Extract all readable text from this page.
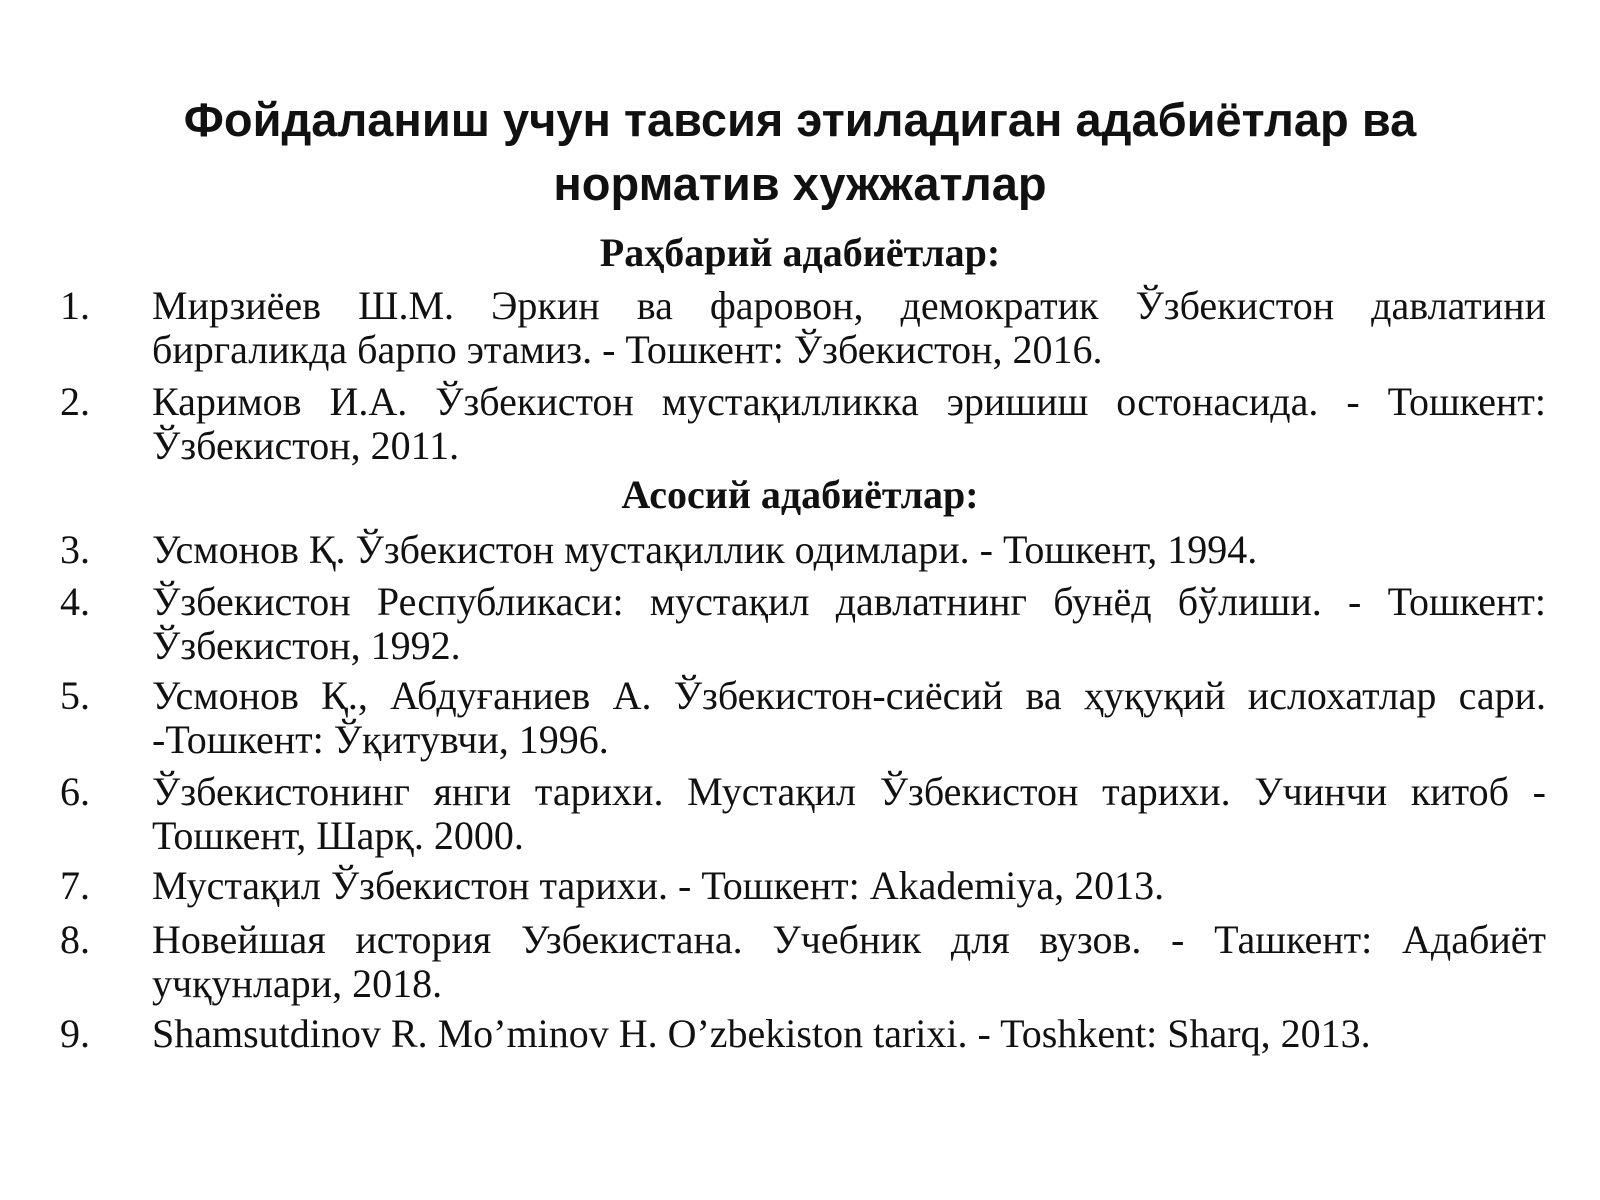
Фойдаланиш учун тавсия этиладиган адабиётлар ва норматив хужжатлар
Раҳбарий адабиётлар:
1.	Мирзиёев Ш.М. Эркин ва фаровон, демократик Ўзбекистон давлатини биргаликда барпо этамиз. - Тошкент: Ўзбекистон, 2016.
2.	Каримов И.А. Ўзбекистон мустақилликка эришиш остонасида. - Тошкент: Ўзбекистон, 2011.
Асосий адабиётлар:
3.	Усмонов Қ. Ўзбекистон мустақиллик одимлари. - Тошкент, 1994.
4.	Ўзбекистон Республикаси: мустақил давлатнинг бунёд бўлиши. - Тошкент: Ўзбекистон, 1992.
5.	Усмонов Қ., Абдуғаниев А. Ўзбекистон-сиёсий ва ҳуқуқий ислохатлар сари. -Тошкент: Ўқитувчи, 1996.
6.	Ўзбекистонинг янги тарихи. Мустақил Ўзбекистон тарихи. Учинчи китоб - Тошкент, Шарқ. 2000.
7.	Мустақил Ўзбекистон тарихи. - Тошкент: Akademiya, 2013.
8.	Новейшая история Узбекистана. Учебник для вузов. - Ташкент: Адабиёт учқунлари, 2018.
9.	Shamsutdinov R. Mo’minov H. O’zbekiston tarixi. - Toshkent: Sharq, 2013.
